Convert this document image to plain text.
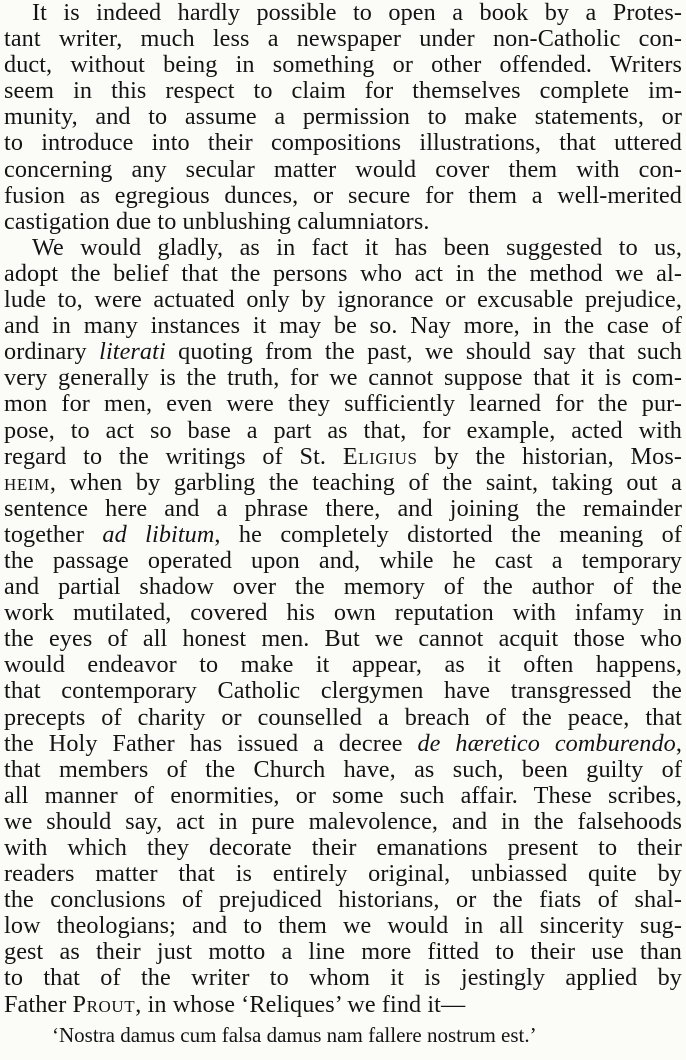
It is indeed hardly possible to open a book by a Protes-
tant writer, much less a newspaper under non-Catholic con-
duct, without being in something or other offended. Writers
seem in this respect to claim for themselves complete im-
munity, and to assume a permission to make statements, or
to introduce into their compositions illustrations, that uttered
concerning any secular matter would cover them with con-
fusion as egregious dunces, or secure for them a well-merited
castigation due to unblushing calumniators.
We would gladly, as in fact it has been suggested to us,
adopt the belief that the persons who act in the method we al-
lude to, were actuated only by ignorance or excusable prejudice,
and in many instances it may be so. Nay more, in the case of
ordinary literati quoting from the past, we should say that such
very generally is the truth, for we cannot suppose that it is com-
mon for men, even were they sufficiently learned for the pur-
pose, to act so base a part as that, for example, acted with
regard to the writings of St. Eligius by the historian, Mos-
heim, when by garbling the teaching of the saint, taking out a
sentence here and a phrase there, and joining the remainder
together ad libitum, he completely distorted the meaning of
the passage operated upon and, while he cast a temporary
and partial shadow over the memory of the author of the
work mutilated, covered his own reputation with infamy in
the eyes of all honest men. But we cannot acquit those who
would endeavor to make it appear, as it often happens,
that contemporary Catholic clergymen have transgressed the
precepts of charity or counselled a breach of the peace, that
the Holy Father has issued a decree de hæretico comburendo,
that members of the Church have, as such, been guilty of
all manner of enormities, or some such affair. These scribes,
we should say, act in pure malevolence, and in the falsehoods
with which they decorate their emanations present to their
readers matter that is entirely original, unbiassed quite by
the conclusions of prejudiced historians, or the fiats of shal-
low theologians; and to them we would in all sincerity sug-
gest as their just motto a line more fitted to their use than
to that of the writer to whom it is jestingly applied by
Father Prout, in whose ‘Reliques’ we find it—
‘Nostra damus cum falsa damus nam fallere nostrum est.’
